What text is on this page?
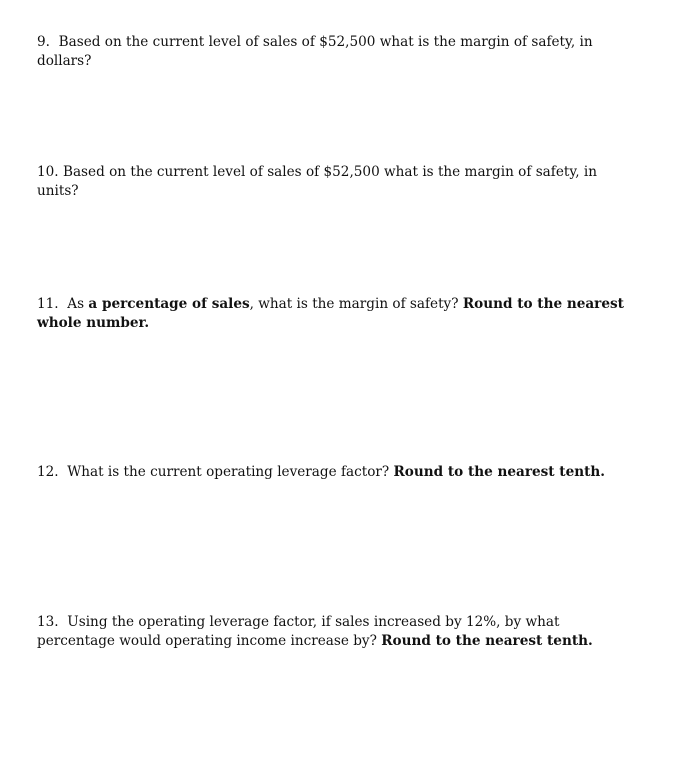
9. Based on the current level of sales of $52,500 what is the margin of safety, in dollars?

10. Based on the current level of sales of $52,500 what is the margin of safety, in units?

11. As a percentage of sales, what is the margin of safety? Round to the nearest whole number.

12. What is the current operating leverage factor? Round to the nearest tenth.

13. Using the operating leverage factor, if sales increased by 12%, by what percentage would operating income increase by? Round to the nearest tenth.
